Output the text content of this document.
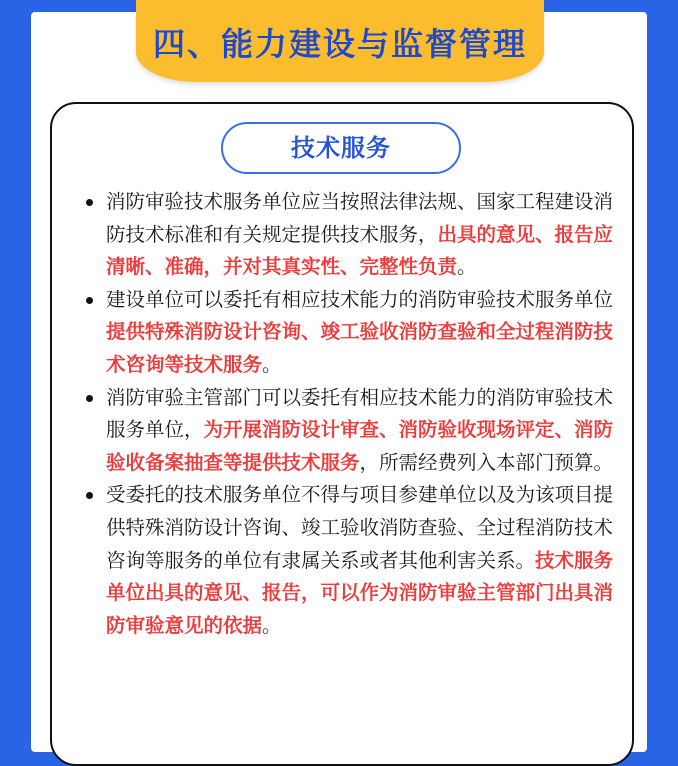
四、能力建设与监督管理
技术服务
消防审验技术服务单位应当按照法律法规、国家工程建设消防技术标准和有关规定提供技术服务，出具的意见、报告应清晰、准确，并对其真实性、完整性负责。
建设单位可以委托有相应技术能力的消防审验技术服务单位提供特殊消防设计咨询、竣工验收消防查验和全过程消防技术咨询等技术服务。
消防审验主管部门可以委托有相应技术能力的消防审验技术服务单位，为开展消防设计审查、消防验收现场评定、消防验收备案抽查等提供技术服务，所需经费列入本部门预算。
受委托的技术服务单位不得与项目参建单位以及为该项目提供特殊消防设计咨询、竣工验收消防查验、全过程消防技术咨询等服务的单位有隶属关系或者其他利害关系。技术服务单位出具的意见、报告，可以作为消防审验主管部门出具消防审验意见的依据。
